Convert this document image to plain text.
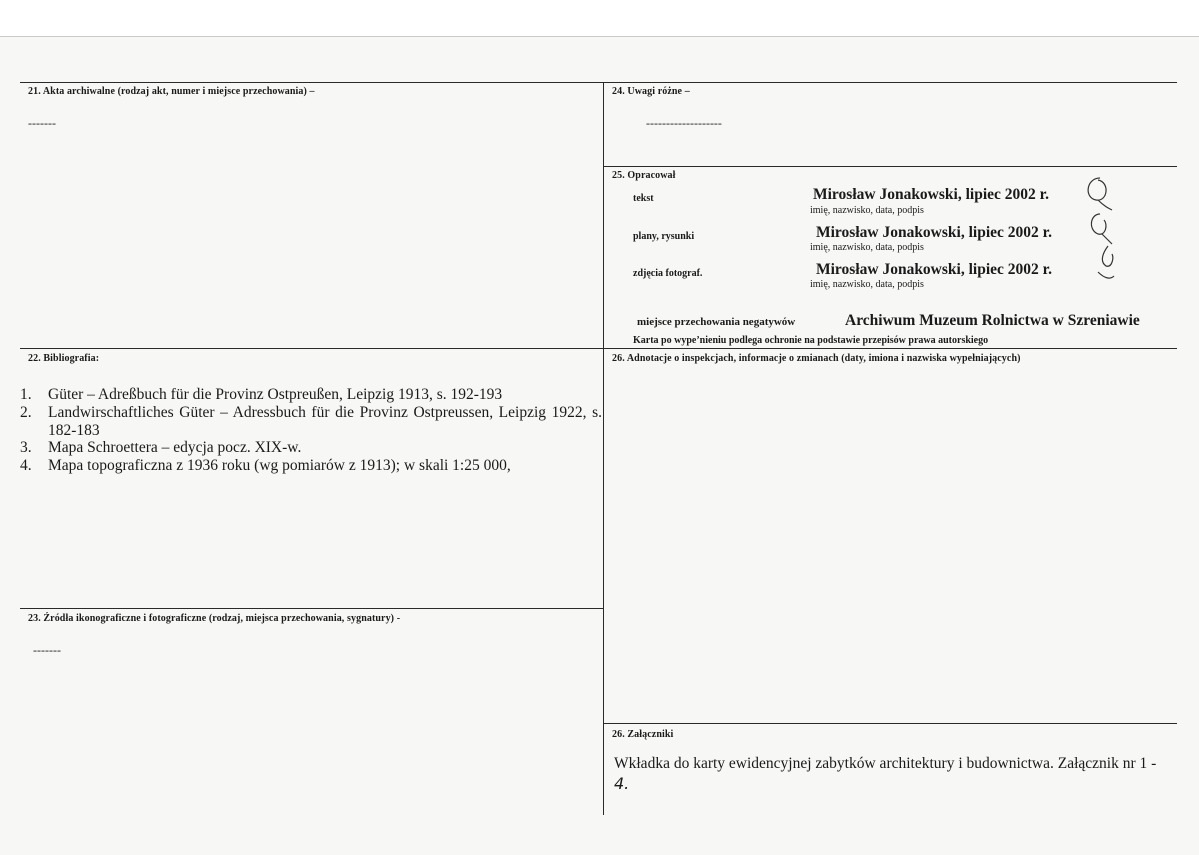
21. Akta archiwalne (rodzaj akt, numer i miejsce przechowania) –
-------
24. Uwagi różne –
-------------------
25. Opracował
tekst	Mirosław Jonakowski, lipiec 2002 r.
imię, nazwisko, data, podpis
plany, rysunki	Mirosław Jonakowski, lipiec 2002 r.
imię, nazwisko, data, podpis
zdjęcia fotograf.	Mirosław Jonakowski, lipiec 2002 r.
imię, nazwisko, data, podpis
miejsce przechowania negatywów	Archiwum Muzeum Rolnictwa w Szreniawie
Karta po wype’nieniu podlega ochronie na podstawie przepisów prawa autorskiego
22. Bibliografia:
1. Güter – Adreßbuch für die Provinz Ostpreußen, Leipzig 1913, s. 192-193
2. Landwirschaftliches Güter – Adressbuch für die Provinz Ostpreussen, Leipzig 1922, s. 182-183
3. Mapa Schroettera – edycja pocz. XIX-w.
4. Mapa topograficzna z 1936 roku (wg pomiarów z 1913); w skali 1:25 000,
26. Adnotacje o inspekcjach, informacje o zmianach (daty, imiona i nazwiska wypełniających)
23. Źródła ikonograficzne i fotograficzne (rodzaj, miejsca przechowania, sygnatury) -
-------
26. Załączniki
Wkładka do karty ewidencyjnej zabytków architektury i budownictwa. Załącznik nr 1 - 4.
